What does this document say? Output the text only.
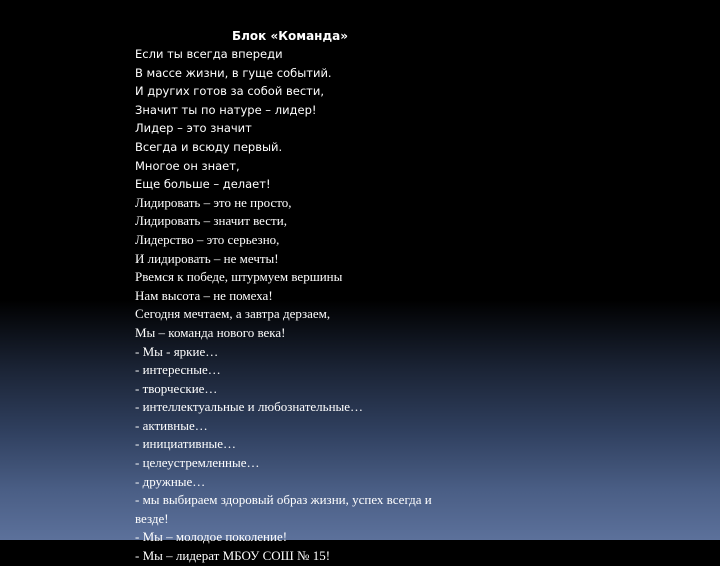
Блок «Команда»
Если ты всегда впереди
В массе жизни, в гуще событий.
И других готов за собой вести,
Значит ты по натуре – лидер!
Лидер – это значит
Всегда и всюду первый.
Многое он знает,
Еще больше – делает!
Лидировать – это не просто,
Лидировать – значит вести,
Лидерство – это серьезно,
И лидировать – не мечты!
Рвемся к победе, штурмуем вершины
Нам высота – не помеха!
Сегодня мечтаем, а завтра дерзаем,
Мы – команда нового века!
- Мы - яркие…
- интересные…
- творческие…
- интеллектуальные и любознательные…
- активные…
- инициативные…
- целеустремленные…
- дружные…
- мы выбираем здоровый образ жизни, успех всегда и
везде!
- Мы – молодое поколение!
- Мы – лидерат МБОУ СОШ № 15!
